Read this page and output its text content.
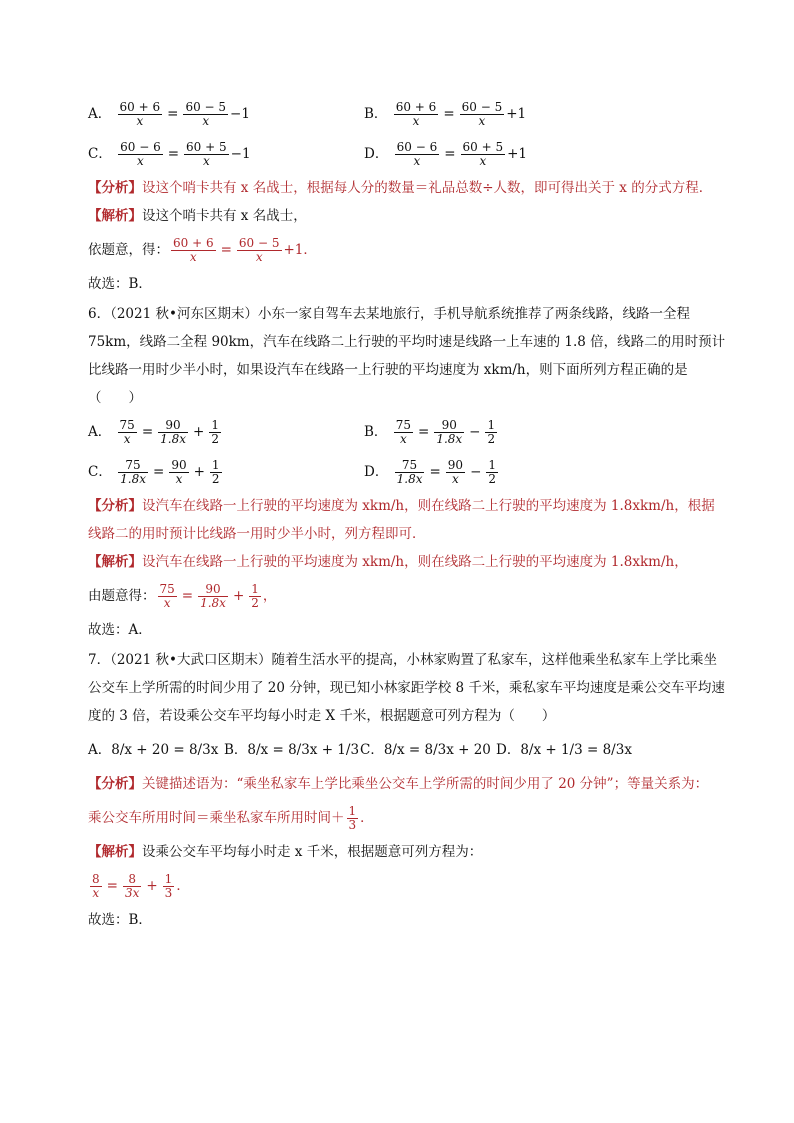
A． $\frac{60 + 6}{x} = \frac{60 - 5}{x} -1$	B． $\frac{60 + 6}{x} = \frac{60 - 5}{x} +1$
C． $\frac{60 - 6}{x} = \frac{60 + 5}{x} -1$	D． $\frac{60 - 6}{x} = \frac{60 + 5}{x} +1$
【分析】设这个哨卡共有 x 名战士，根据每人分的数量＝礼品总数÷人数，即可得出关于 x 的分式方程．
【解析】设这个哨卡共有 x 名战士，
依题意，得： $\frac{60 + 6}{x} = \frac{60 - 5}{x} +1$．
故选：B．
6．（2021 秋•河东区期末）小东一家自驾车去某地旅行，手机导航系统推荐了两条线路，线路一全程 75km，线路二全程 90km，汽车在线路二上行驶的平均时速是线路一上车速的 1.8 倍，线路二的用时预计比线路一用时少半小时，如果设汽车在线路一上行驶的平均速度为 xkm/h，则下面所列方程正确的是（　　）
A． $\frac{75}{x} = \frac{90}{1.8x} + \frac{1}{2}$	B． $\frac{75}{x} = \frac{90}{1.8x} - \frac{1}{2}$
C． $\frac{75}{1.8x} = \frac{90}{x} + \frac{1}{2}$	D． $\frac{75}{1.8x} = \frac{90}{x} - \frac{1}{2}$
【分析】设汽车在线路一上行驶的平均速度为 xkm/h，则在线路二上行驶的平均速度为 1.8xkm/h，根据线路二的用时预计比线路一用时少半小时，列方程即可．
【解析】设汽车在线路一上行驶的平均速度为 xkm/h，则在线路二上行驶的平均速度为 1.8xkm/h，
由题意得： $\frac{75}{x} = \frac{90}{1.8x} + \frac{1}{2}$ ，
故选：A．
7．（2021 秋•大武口区期末）随着生活水平的提高，小林家购置了私家车，这样他乘坐私家车上学比乘坐公交车上学所需的时间少用了 20 分钟，现已知小林家距学校 8 千米，乘私家车平均速度是乘公交车平均速度的 3 倍，若设乘公交车平均每小时走 X 千米，根据题意可列方程为（　　）
A．8/x + 20 = 8/3x B．8/x = 8/3x + 1/3 C．8/x = 8/3x + 20 D．8/x + 1/3 = 8/3x
【分析】关键描述语为：“乘坐私家车上学比乘坐公交车上学所需的时间少用了 20 分钟”；等量关系为：
乘公交车所用时间＝乘坐私家车所用时间＋ $\frac{1}{3}$ ．
【解析】设乘公交车平均每小时走 x 千米，根据题意可列方程为：
$\frac{8}{x} = \frac{8}{3x} + \frac{1}{3}$ ．
故选：B．
